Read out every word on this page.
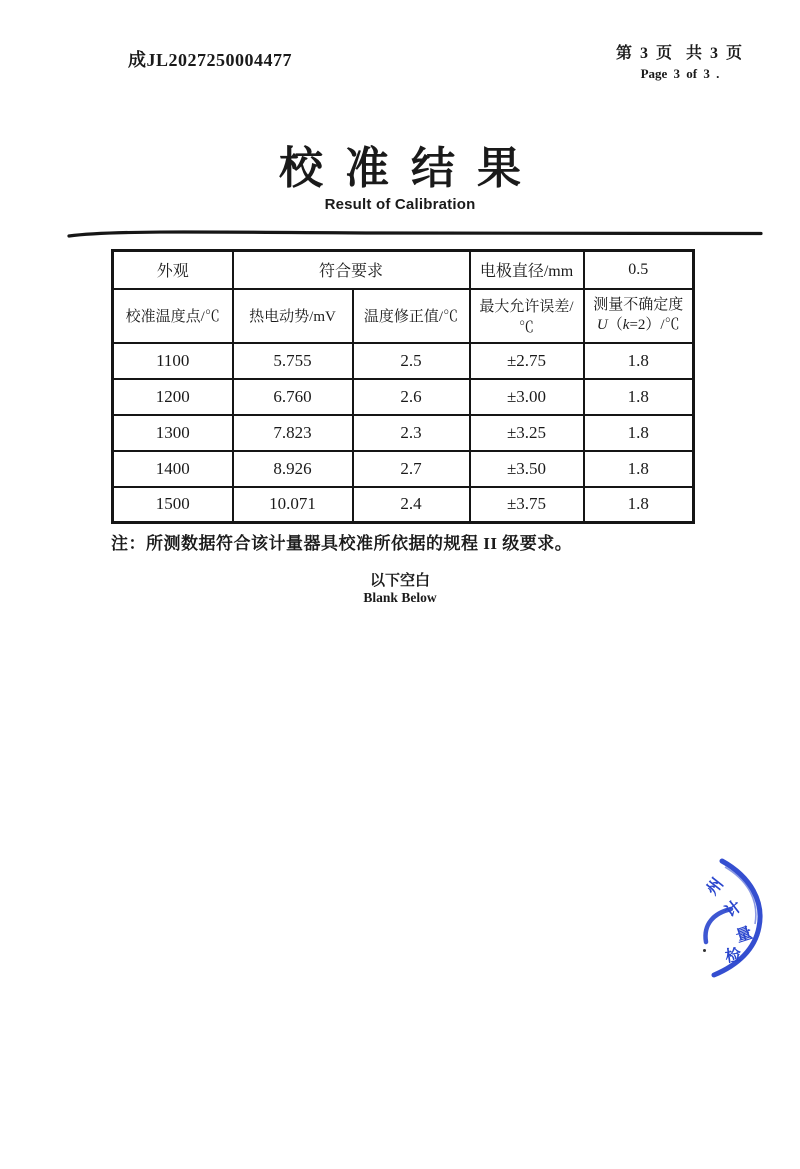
成JL2027250004477	第 3 页  共 3 页
Page 3 of 3 .
校准结果
Result of Calibration
外观	符合要求		电极直径/mm	0.5
校准温度点/℃	热电动势/mV	温度修正值/℃	最大允许误差/℃	测量不确定度
U（k=2）/℃

1100	5.755	2.5	±2.75	1.8
1200	6.760	2.6	±3.00	1.8
1300	7.823	2.3	±3.25	1.8
1400	8.926	2.7	±3.50	1.8
1500	10.071	2.4	±3.75	1.8
注：所测数据符合该计量器具校准所依据的规程 II 级要求。
以下空白
Blank Below
州
计
量
检
